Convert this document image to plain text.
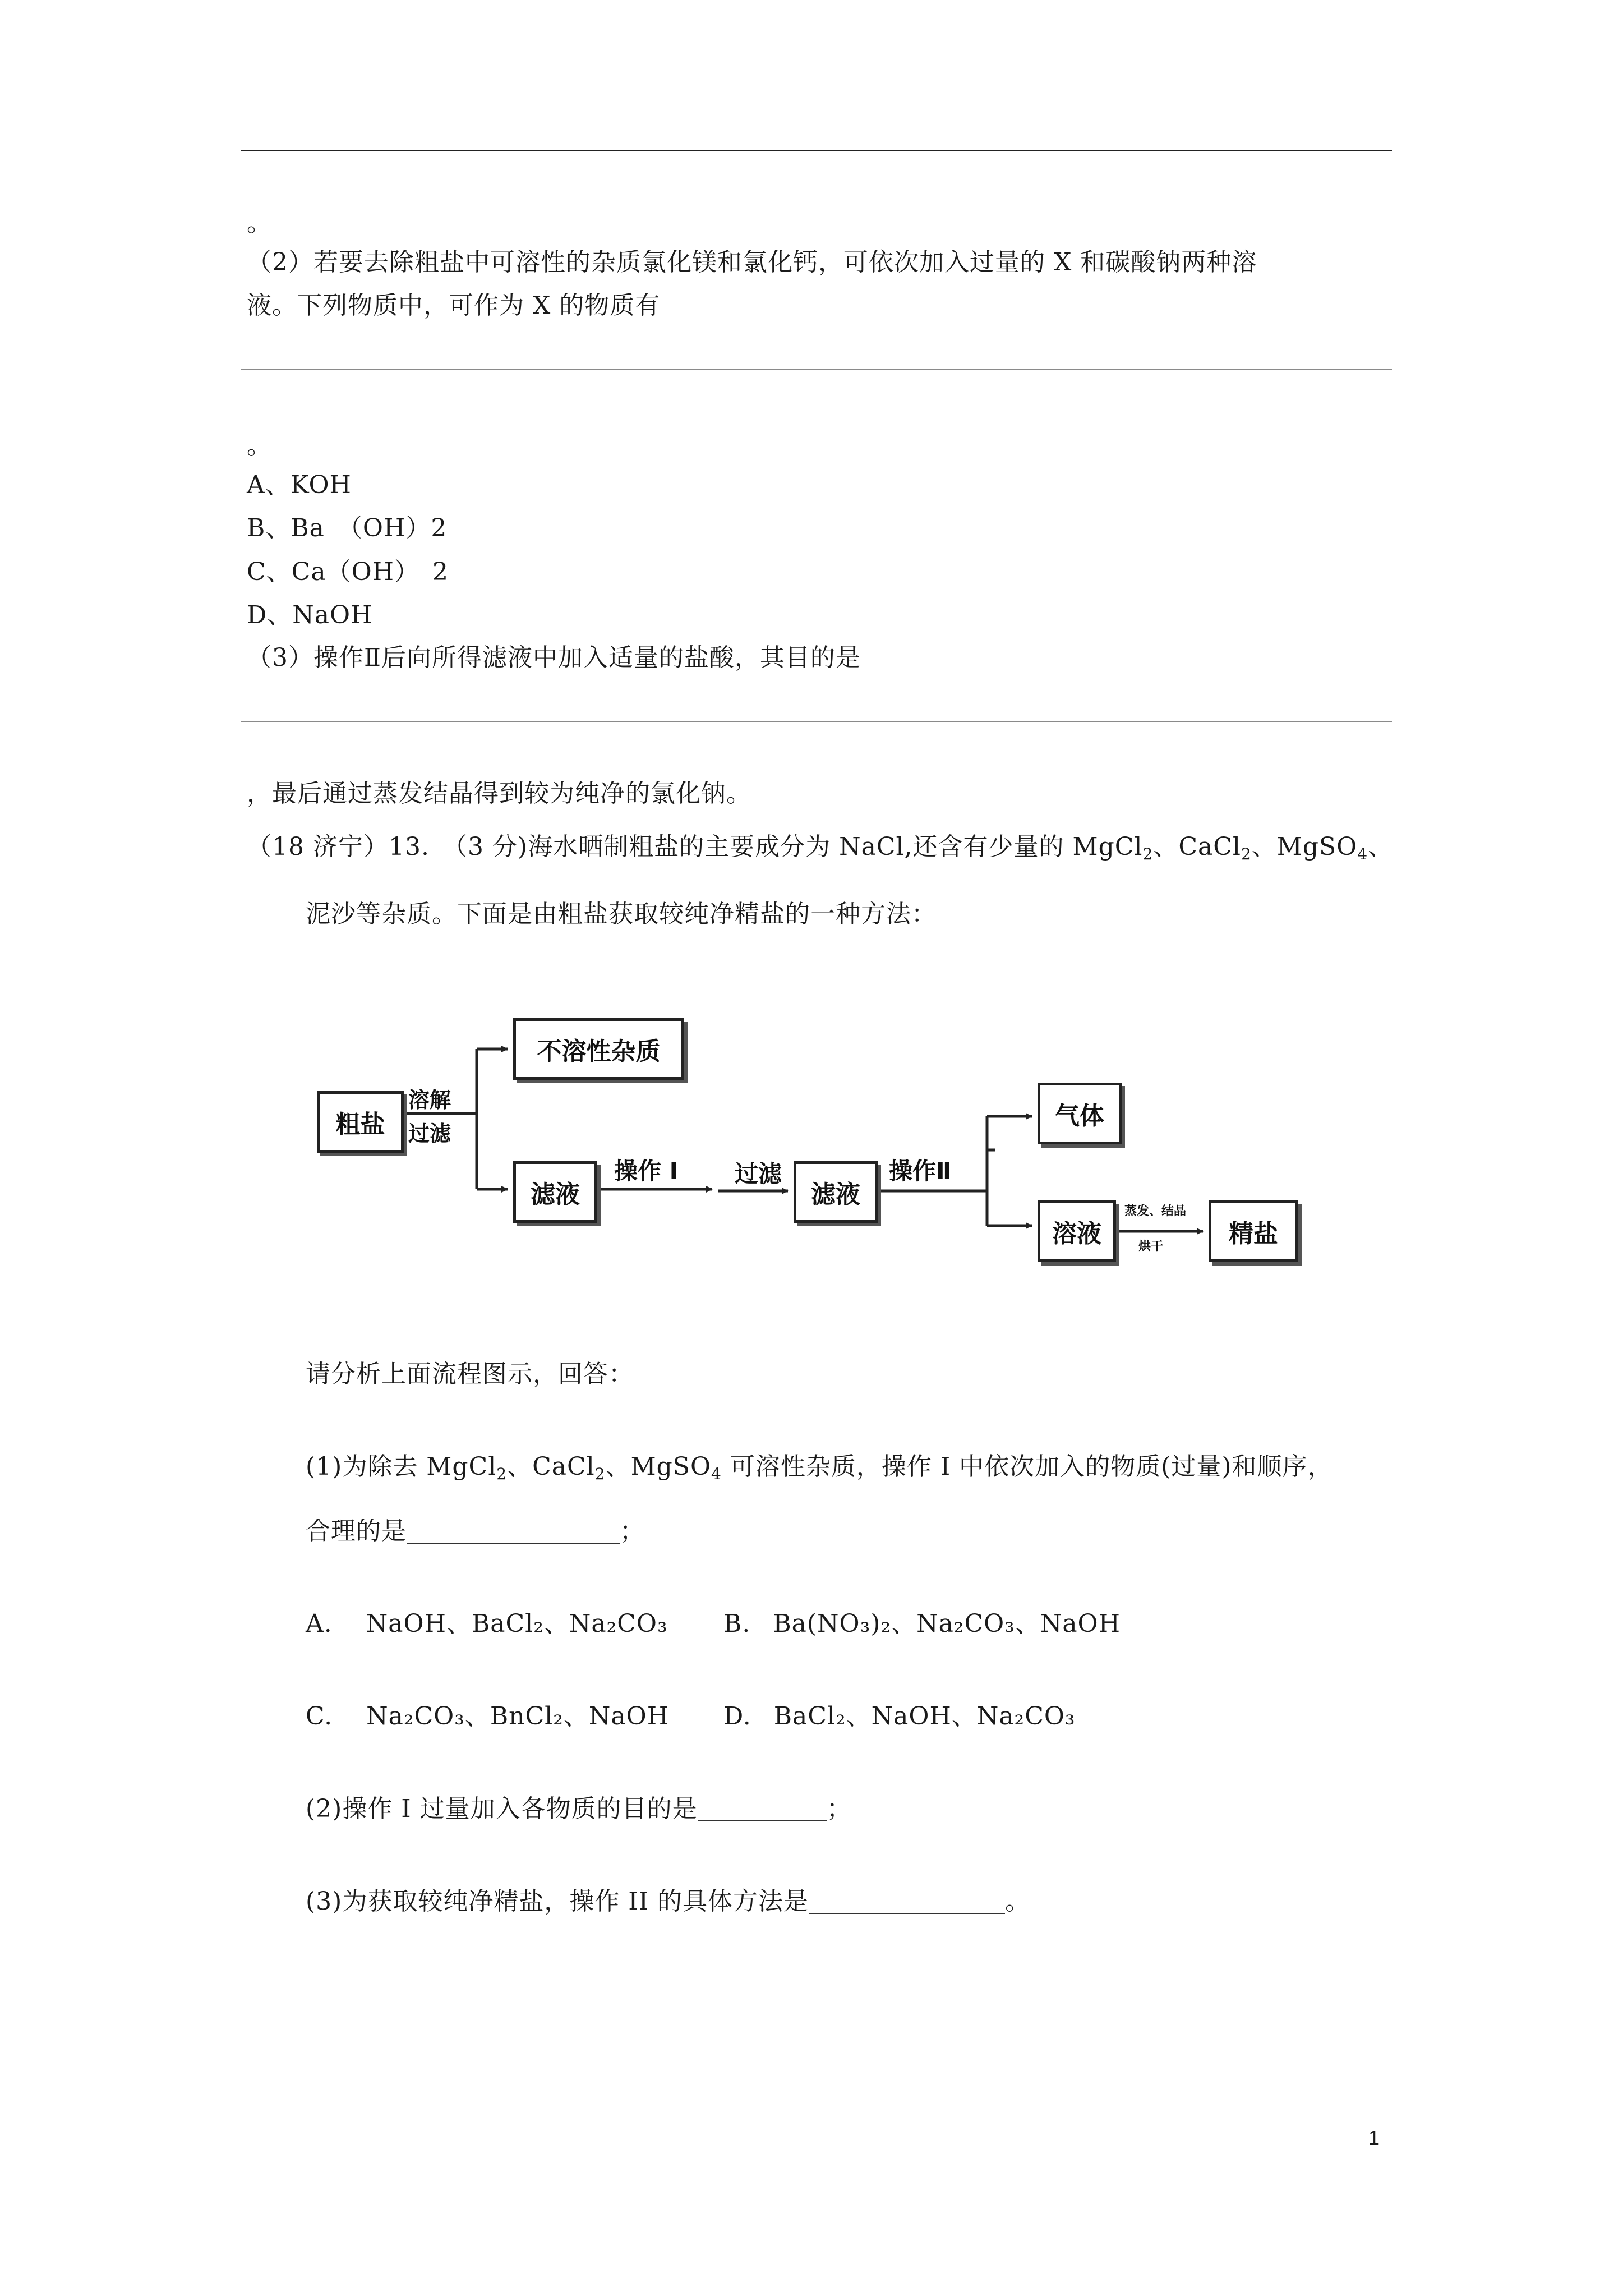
。
（2）若要去除粗盐中可溶性的杂质氯化镁和氯化钙，可依次加入过量的 X 和碳酸钠两种溶
液。下列物质中，可作为 X 的物质有
。
A、KOH
B、Ba　（OH）2
C、Ca（OH）　2
D、NaOH
（3）操作Ⅱ后向所得滤液中加入适量的盐酸，其目的是
，最后通过蒸发结晶得到较为纯净的氯化钠。
（18 济宁）13.　（3 分)海水晒制粗盐的主要成分为 NaCl,还含有少量的 MgCl$_2$、CaCl$_2$、MgSO$_4$、
泥沙等杂质。下面是由粗盐获取较纯净精盐的一种方法：
粗盐
溶解
过滤
不溶性杂质
滤液
操作 I 过滤
滤液
操作Ⅱ
气体
溶液
蒸发、结晶
烘干	精盐
请分析上面流程图示，回答：
(1)为除去 MgCl$_2$、CaCl$_2$、MgSO$_4$ 可溶性杂质，操作 I 中依次加入的物质(过量)和顺序，
合理的是	；
A. NaOH、BaCl₂、Na₂CO₃ B. Ba(NO₃)₂、Na₂CO₃、NaOH
C. Na₂CO₃、BnCl₂、NaOH D. BaCl₂、NaOH、Na₂CO₃
(2)操作 I 过量加入各物质的目的是	；
(3)为获取较纯净精盐，操作 II 的具体方法是	。
1
